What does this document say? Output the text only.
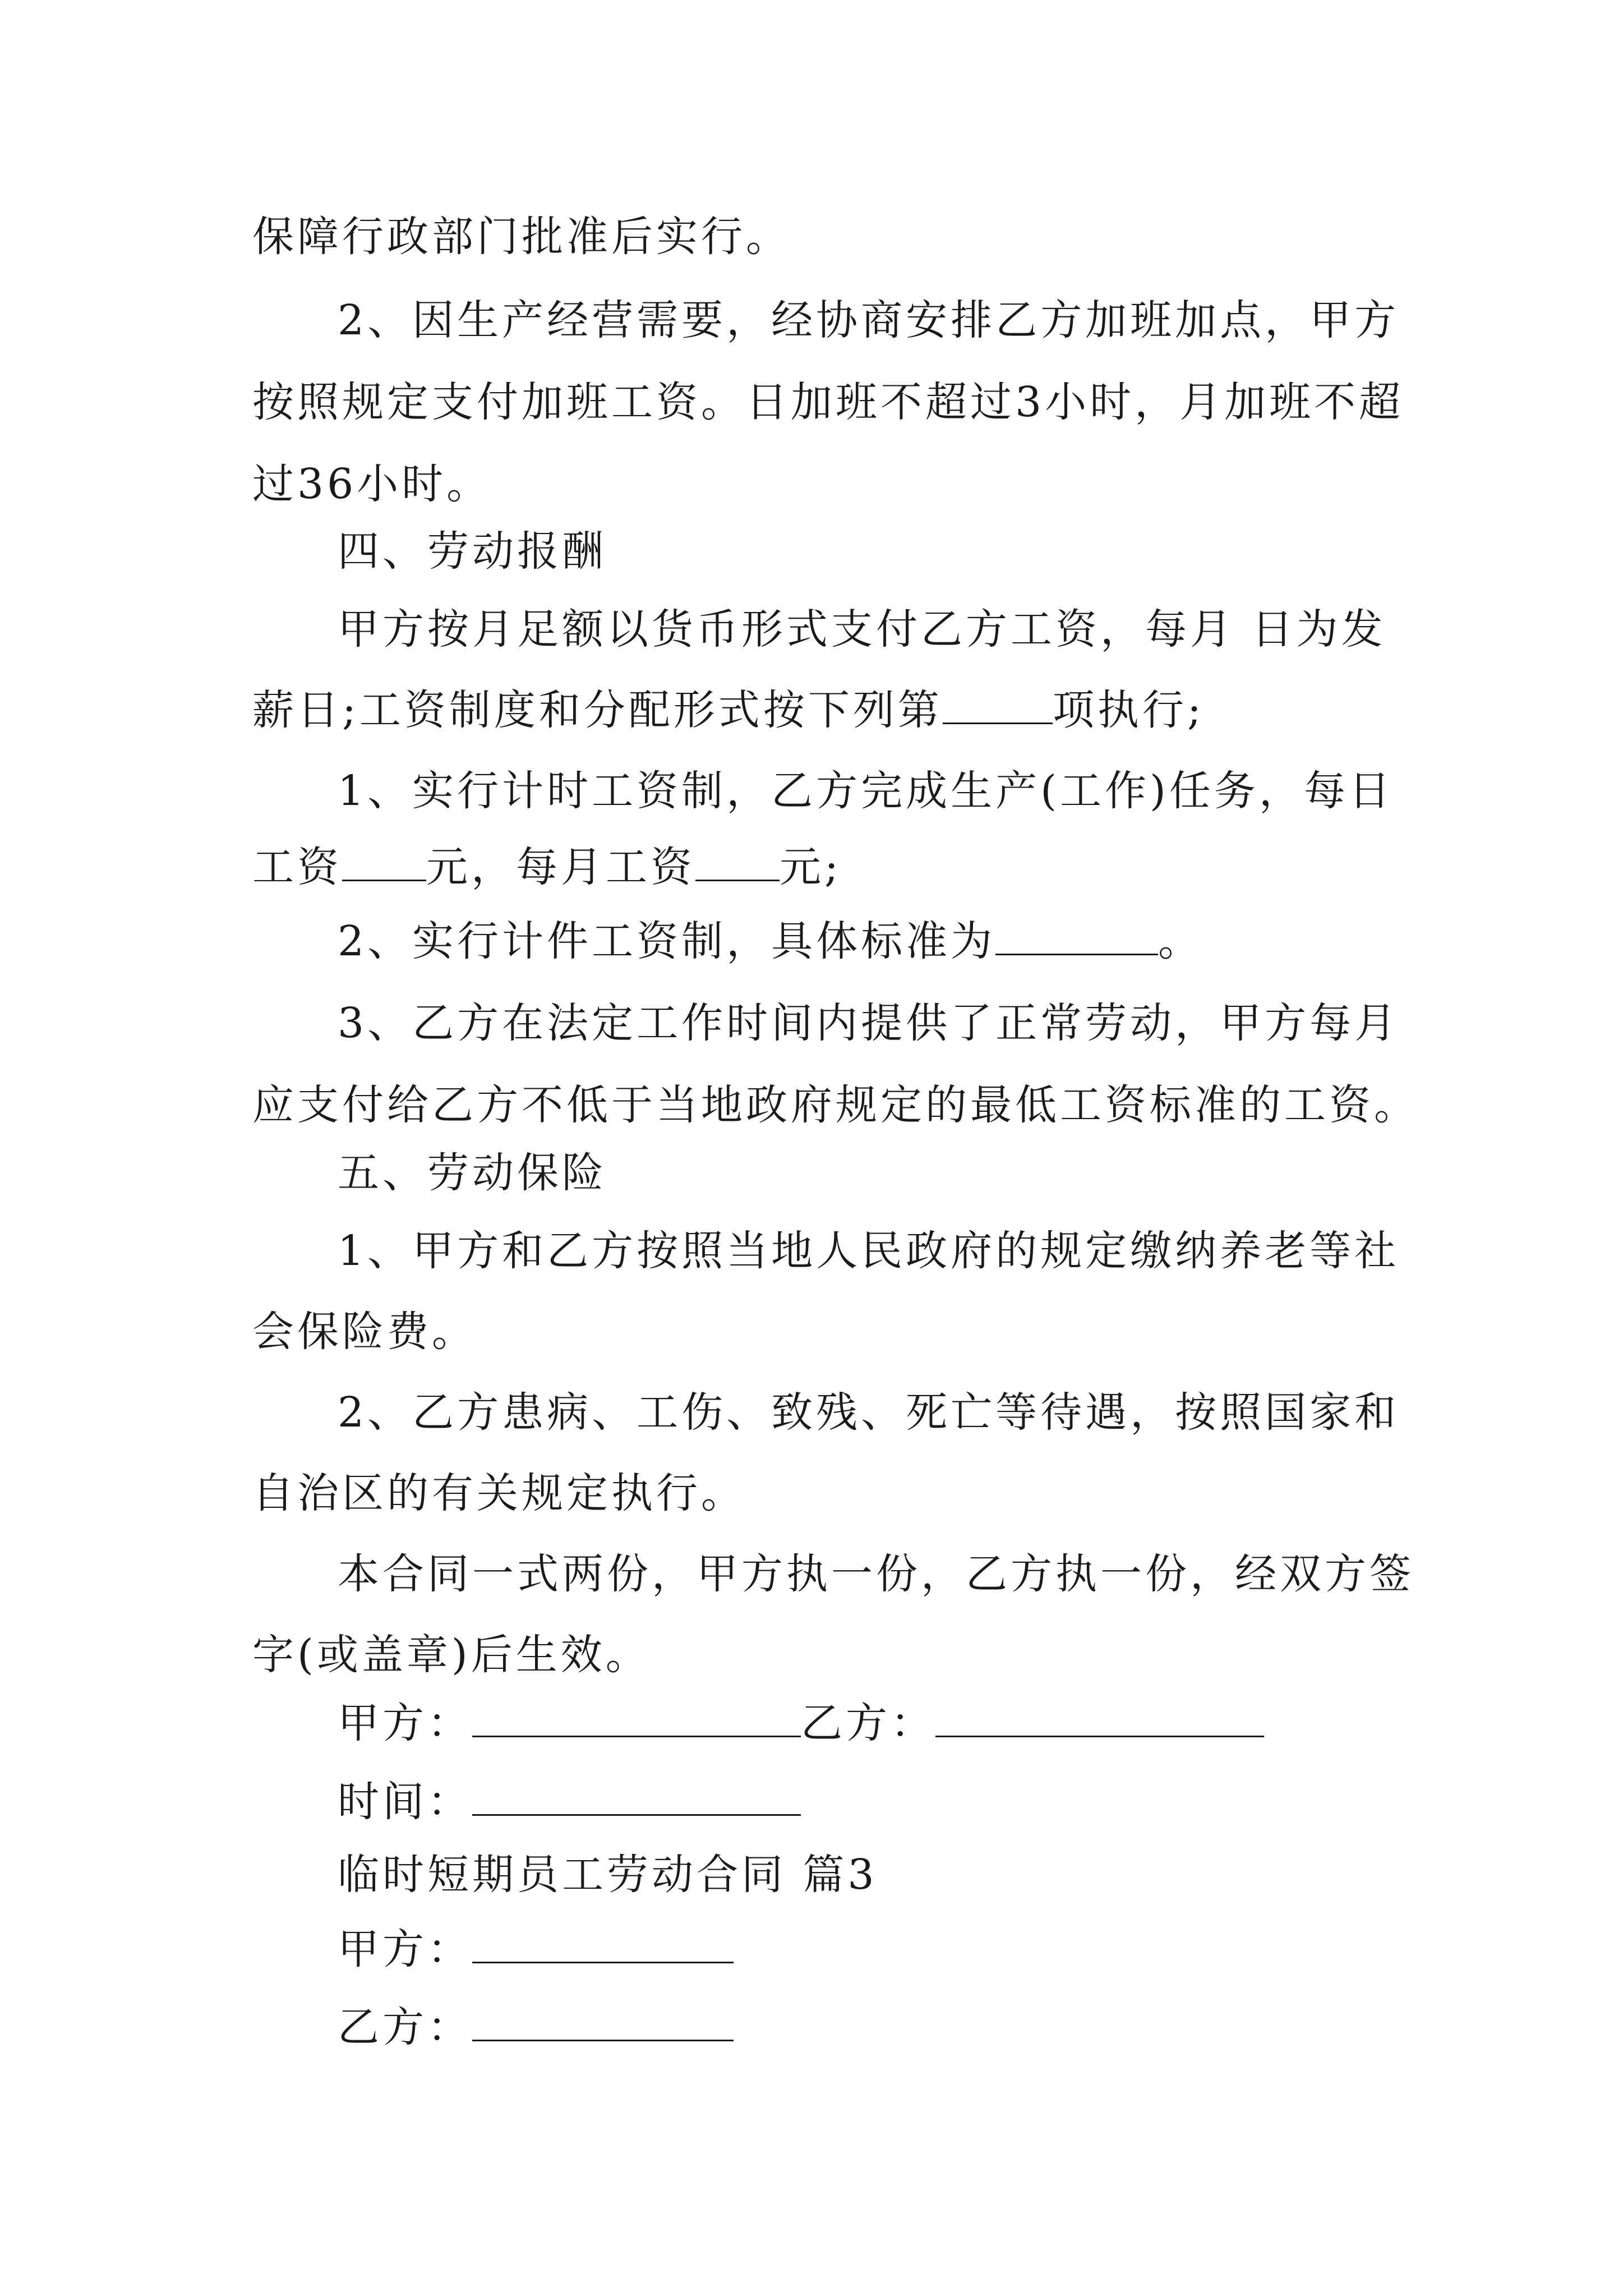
保障行政部门批准后实行。
2、因生产经营需要，经协商安排乙方加班加点，甲方
按照规定支付加班工资。日加班不超过3小时，月加班不超
过36小时。
四、劳动报酬
甲方按月足额以货币形式支付乙方工资，每月 日为发
薪日;工资制度和分配形式按下列第	项执行;
1、实行计时工资制，乙方完成生产(工作)任务，每日
工资 元，每月工资 元;
2、实行计件工资制，具体标准为	。
3、乙方在法定工作时间内提供了正常劳动，甲方每月
应支付给乙方不低于当地政府规定的最低工资标准的工资。
五、劳动保险
1、甲方和乙方按照当地人民政府的规定缴纳养老等社
会保险费。
2、乙方患病、工伤、致残、死亡等待遇，按照国家和
自治区的有关规定执行。
本合同一式两份，甲方执一份，乙方执一份，经双方签
字(或盖章)后生效。
甲方：	乙方：
时间：
临时短期员工劳动合同 篇3
甲方：
乙方：
